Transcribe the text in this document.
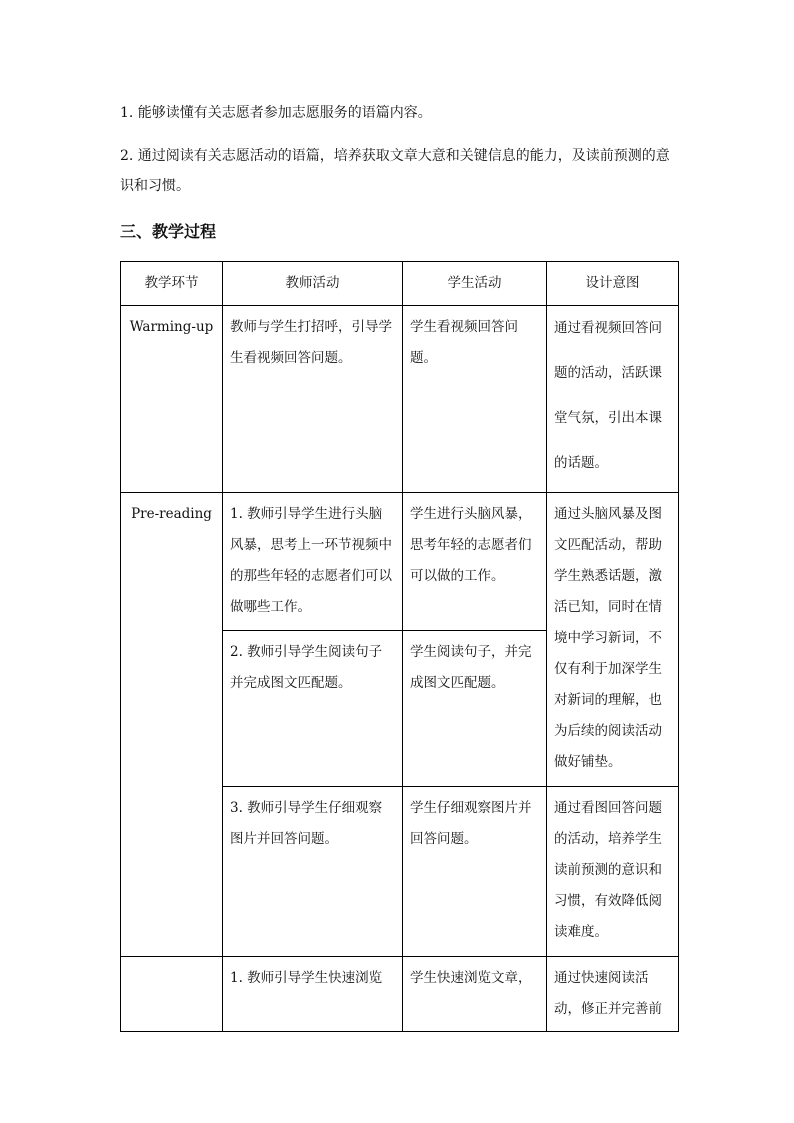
1. 能够读懂有关志愿者参加志愿服务的语篇内容。
2. 通过阅读有关志愿活动的语篇，培养获取文章大意和关键信息的能力，及读前预测的意识和习惯。
三、教学过程
教学环节	教师活动	学生活动	设计意图
Warming-up	教师与学生打招呼，引导学生看视频回答问题。	学生看视频回答问题。	通过看视频回答问题的活动，活跃课堂气氛，引出本课的话题。
Pre-reading	1. 教师引导学生进行头脑风暴，思考上一环节视频中的那些年轻的志愿者们可以做哪些工作。	学生进行头脑风暴，思考年轻的志愿者们可以做的工作。	通过头脑风暴及图文匹配活动，帮助学生熟悉话题，激活已知，同时在情境中学习新词，不仅有利于加深学生对新词的理解，也为后续的阅读活动做好铺垫。
	2. 教师引导学生阅读句子并完成图文匹配题。	学生阅读句子，并完成图文匹配题。	
	3. 教师引导学生仔细观察图片并回答问题。	学生仔细观察图片并回答问题。	通过看图回答问题的活动，培养学生读前预测的意识和习惯，有效降低阅读难度。
	1. 教师引导学生快速浏览	学生快速浏览文章，	通过快速阅读活动，修正并完善前
